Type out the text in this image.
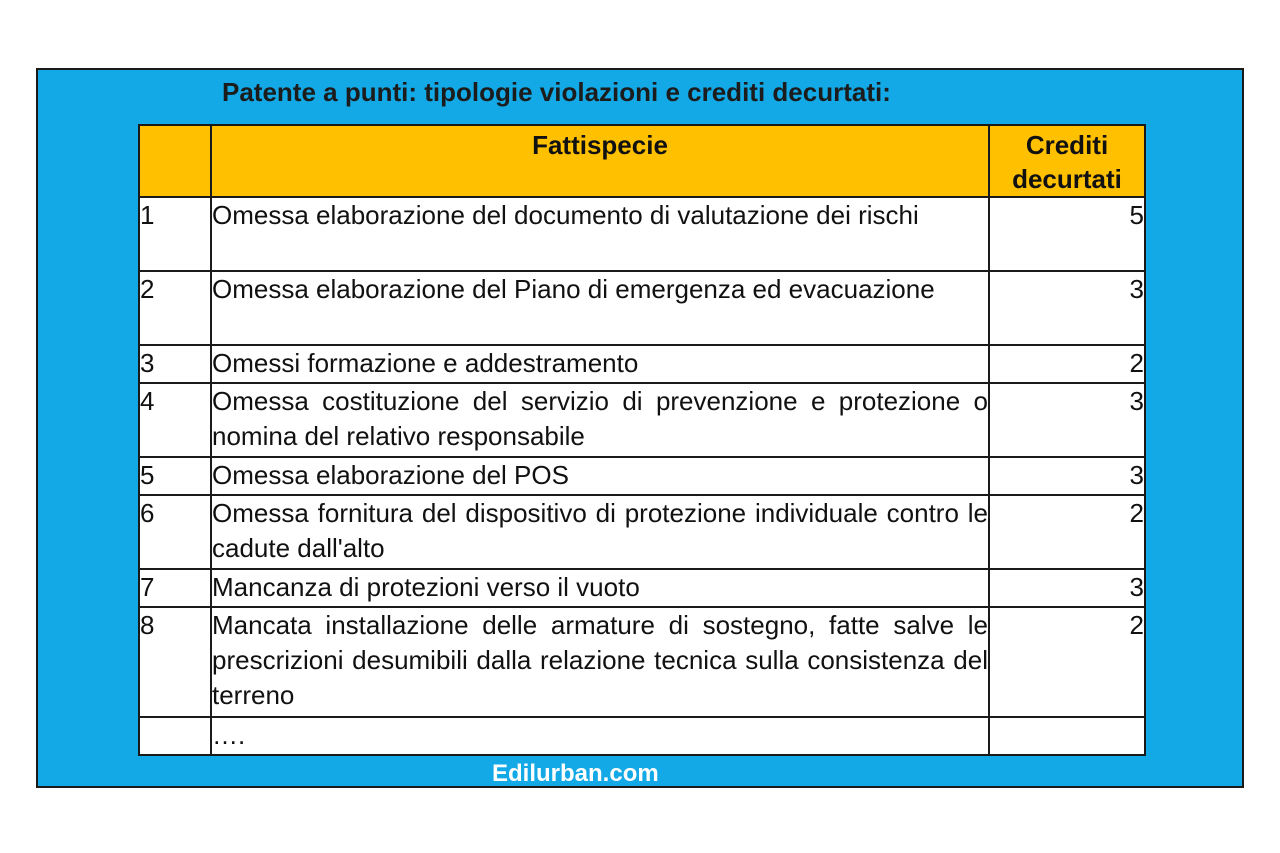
Patente a punti: tipologie violazioni e crediti decurtati:
	Fattispecie	Crediti decurtati
1	Omessa elaborazione del documento di valutazione dei rischi	5
2	Omessa elaborazione del Piano di emergenza ed evacuazione	3
3	Omessi formazione e addestramento	2
4	Omessa costituzione del servizio di prevenzione e protezione o nomina del relativo responsabile	3
5	Omessa elaborazione del POS	3
6	Omessa fornitura del dispositivo di protezione individuale contro le cadute dall'alto	2
7	Mancanza di protezioni verso il vuoto	3
8	Mancata installazione delle armature di sostegno, fatte salve le prescrizioni desumibili dalla relazione tecnica sulla consistenza del terreno	2
	….	
Edilurban.com
